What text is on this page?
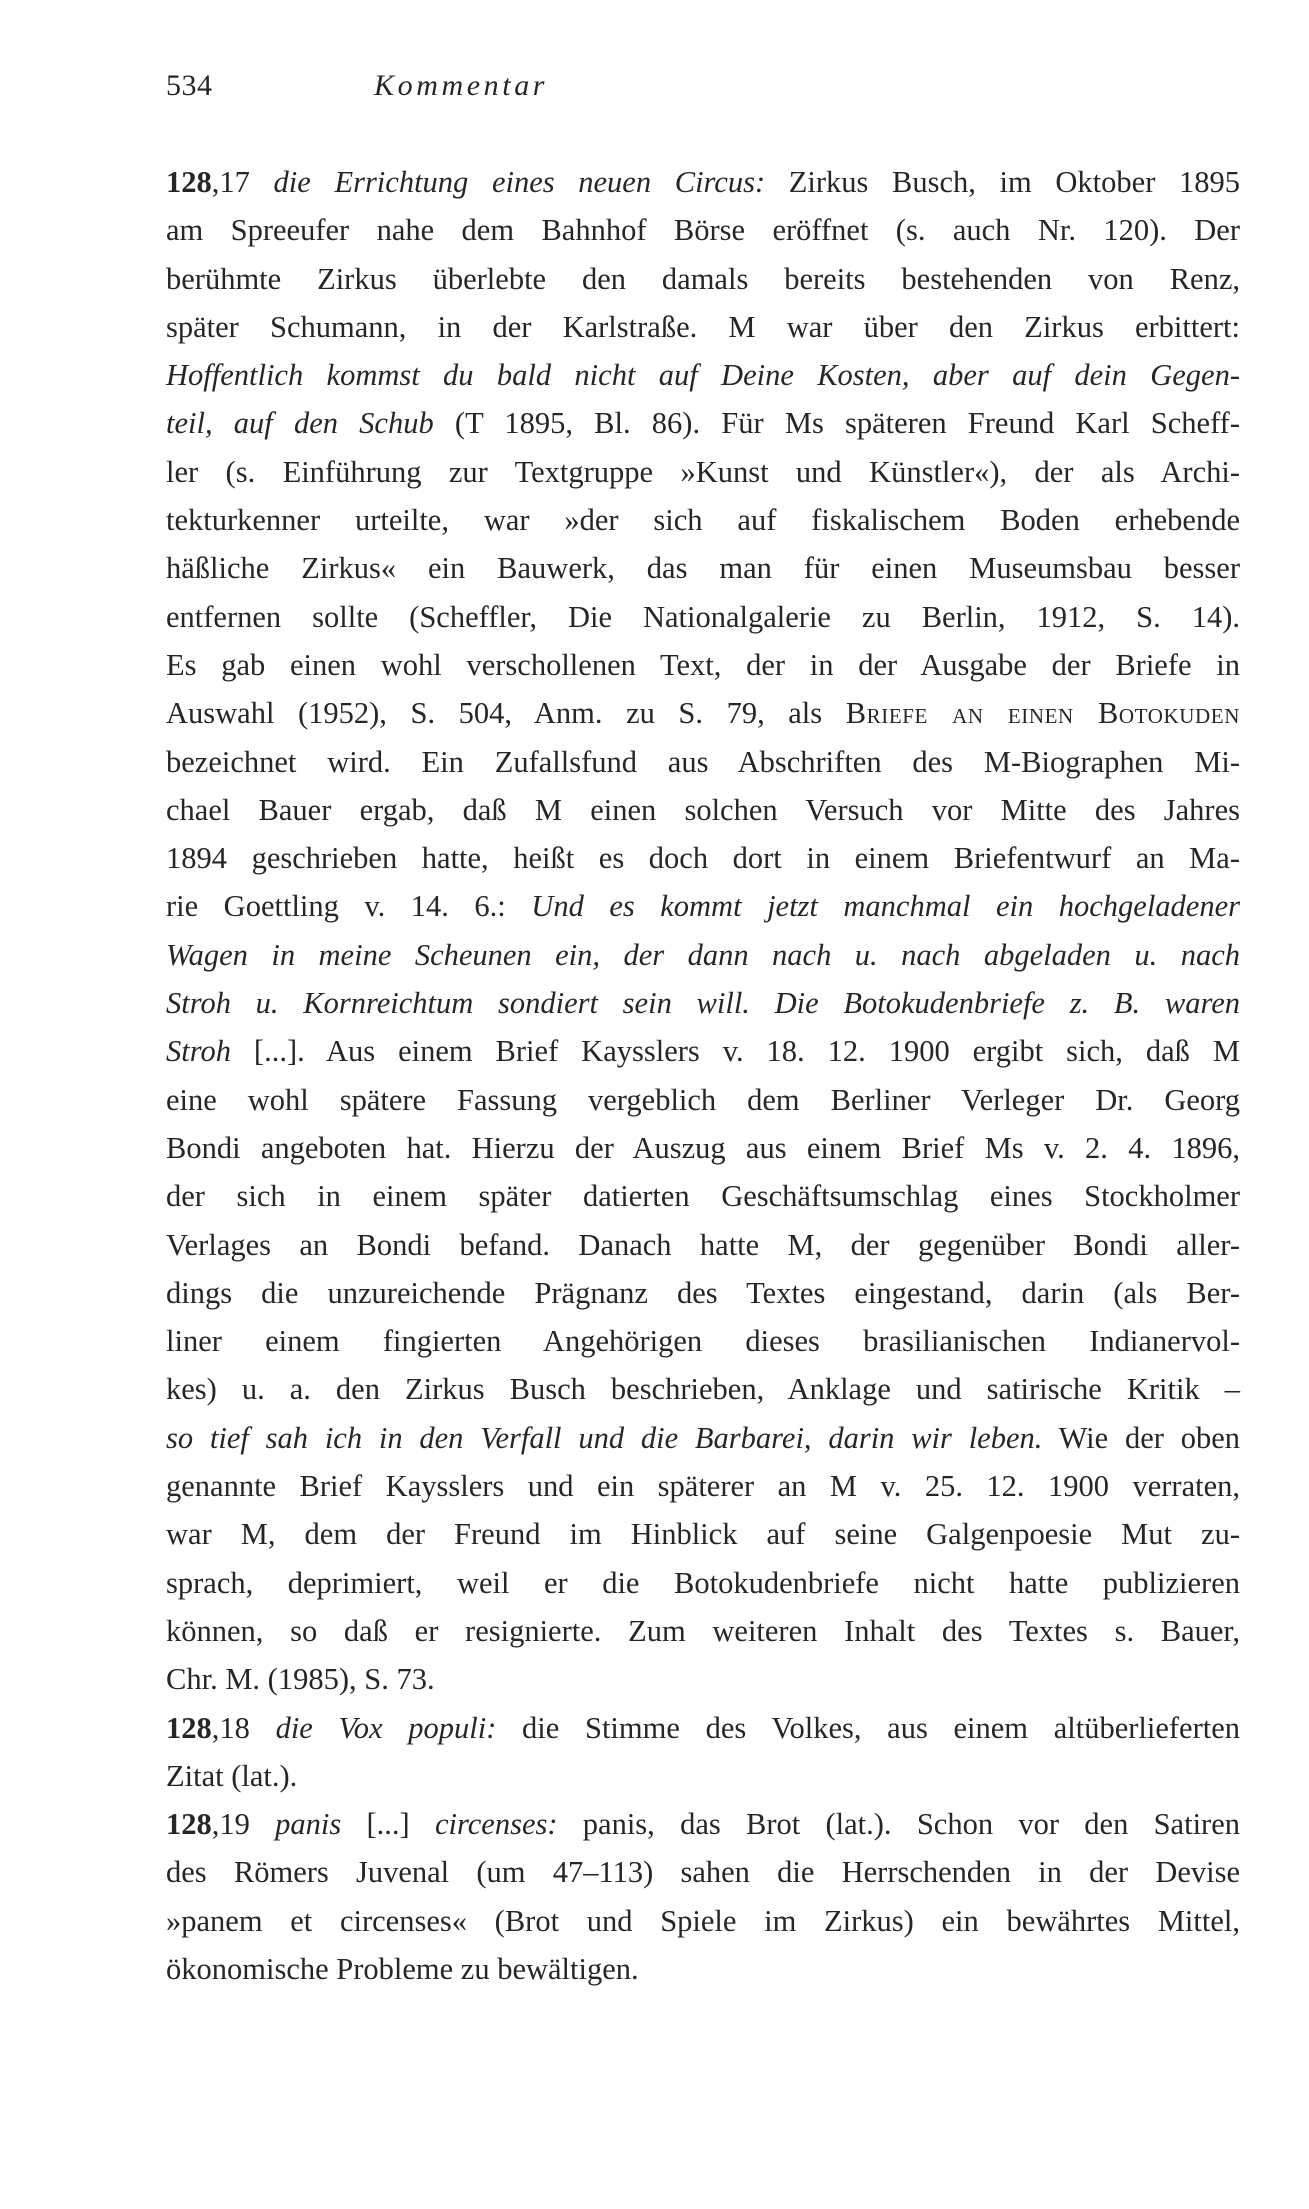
534	Kommentar
128,17 die Errichtung eines neuen Circus: Zirkus Busch, im Oktober 1895
am Spreeufer nahe dem Bahnhof Börse eröffnet (s. auch Nr. 120). Der
berühmte Zirkus überlebte den damals bereits bestehenden von Renz,
später Schumann, in der Karlstraße. M war über den Zirkus erbittert:
Hoffentlich kommst du bald nicht auf Deine Kosten, aber auf dein Gegen-
teil, auf den Schub (T 1895, Bl. 86). Für Ms späteren Freund Karl Scheff-
ler (s. Einführung zur Textgruppe »Kunst und Künstler«), der als Archi-
tekturkenner urteilte, war »der sich auf fiskalischem Boden erhebende
häßliche Zirkus« ein Bauwerk, das man für einen Museumsbau besser
entfernen sollte (Scheffler, Die Nationalgalerie zu Berlin, 1912, S. 14).
Es gab einen wohl verschollenen Text, der in der Ausgabe der Briefe in
Auswahl (1952), S. 504, Anm. zu S. 79, als Briefe an einen Botokuden
bezeichnet wird. Ein Zufallsfund aus Abschriften des M-Biographen Mi-
chael Bauer ergab, daß M einen solchen Versuch vor Mitte des Jahres
1894 geschrieben hatte, heißt es doch dort in einem Briefentwurf an Ma-
rie Goettling v. 14. 6.: Und es kommt jetzt manchmal ein hochgeladener
Wagen in meine Scheunen ein, der dann nach u. nach abgeladen u. nach
Stroh u. Kornreichtum sondiert sein will. Die Botokudenbriefe z. B. waren
Stroh [...]. Aus einem Brief Kaysslers v. 18. 12. 1900 ergibt sich, daß M
eine wohl spätere Fassung vergeblich dem Berliner Verleger Dr. Georg
Bondi angeboten hat. Hierzu der Auszug aus einem Brief Ms v. 2. 4. 1896,
der sich in einem später datierten Geschäftsumschlag eines Stockholmer
Verlages an Bondi befand. Danach hatte M, der gegenüber Bondi aller-
dings die unzureichende Prägnanz des Textes eingestand, darin (als Ber-
liner einem fingierten Angehörigen dieses brasilianischen Indianervol-
kes) u. a. den Zirkus Busch beschrieben, Anklage und satirische Kritik –
so tief sah ich in den Verfall und die Barbarei, darin wir leben. Wie der oben
genannte Brief Kaysslers und ein späterer an M v. 25. 12. 1900 verraten,
war M, dem der Freund im Hinblick auf seine Galgenpoesie Mut zu-
sprach, deprimiert, weil er die Botokudenbriefe nicht hatte publizieren
können, so daß er resignierte. Zum weiteren Inhalt des Textes s. Bauer,
Chr. M. (1985), S. 73.
128,18 die Vox populi: die Stimme des Volkes, aus einem altüberlieferten
Zitat (lat.).
128,19 panis [...] circenses: panis, das Brot (lat.). Schon vor den Satiren
des Römers Juvenal (um 47–113) sahen die Herrschenden in der Devise
»panem et circenses« (Brot und Spiele im Zirkus) ein bewährtes Mittel,
ökonomische Probleme zu bewältigen.
